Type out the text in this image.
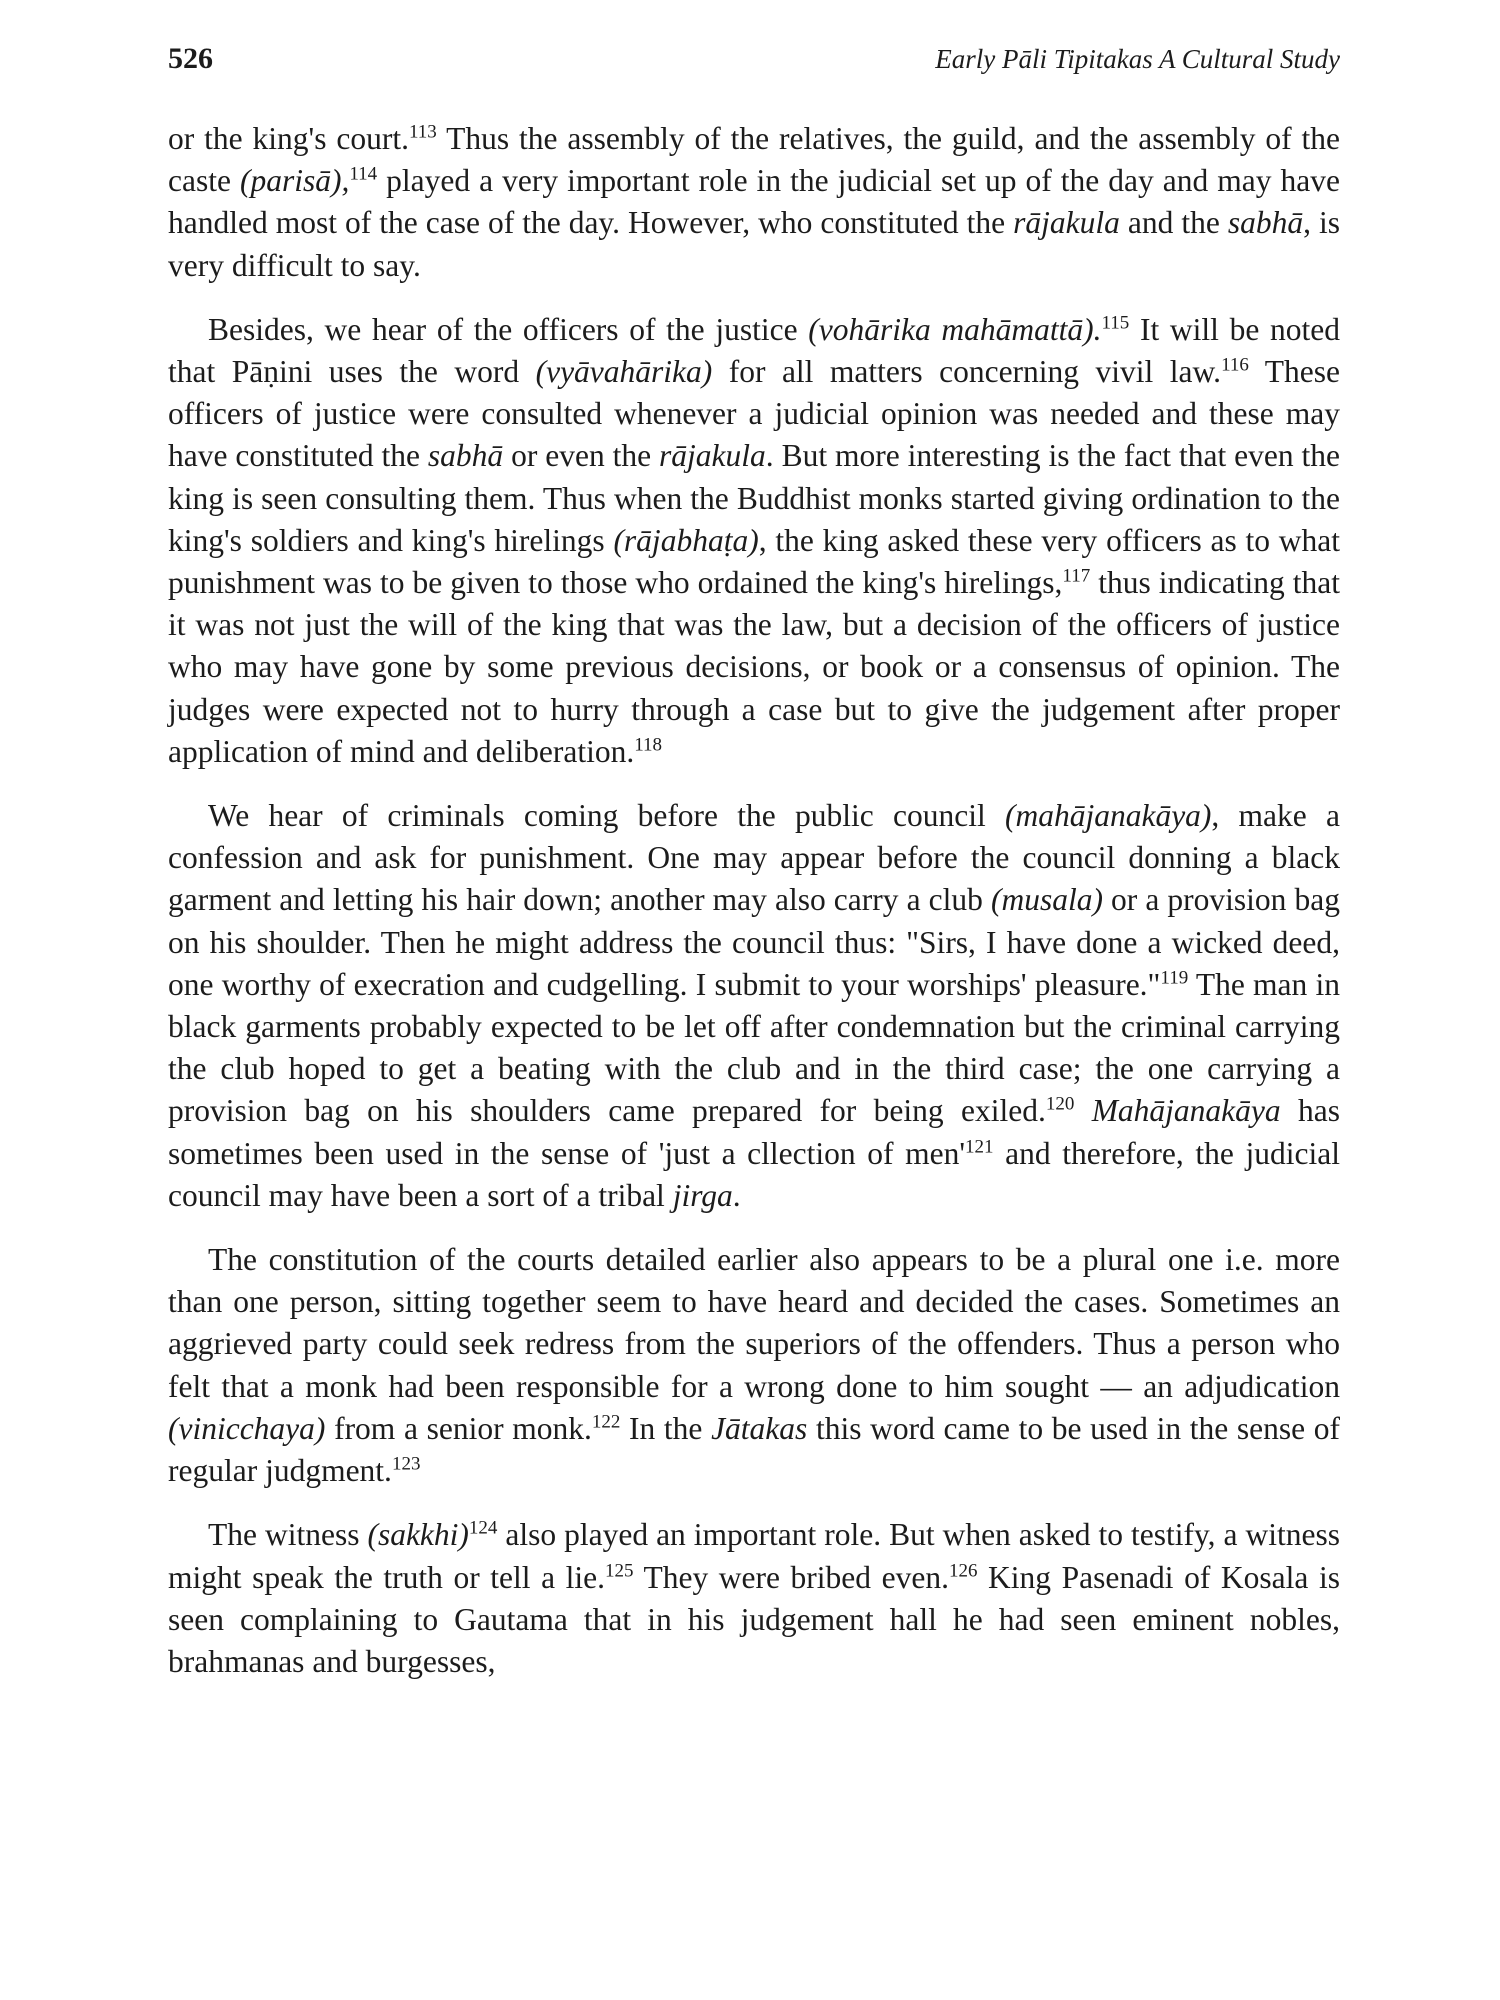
526	Early Pāli Tipitakas A Cultural Study

or the king's court.$^{113}$ Thus the assembly of the relatives, the guild, and the assembly of the caste (parisā),$^{114}$ played a very important role in the judicial set up of the day and may have handled most of the case of the day. However, who constituted the rājakula and the sabhā, is very difficult to say.

Besides, we hear of the officers of the justice (vohārika mahāmattā).$^{115}$ It will be noted that Pāṇini uses the word (vyāvahārika) for all matters concerning vivil law.$^{116}$ These officers of justice were consulted whenever a judicial opinion was needed and these may have constituted the sabhā or even the rājakula. But more interesting is the fact that even the king is seen consulting them. Thus when the Buddhist monks started giving ordination to the king's soldiers and king's hirelings (rājabhaṭa), the king asked these very officers as to what punishment was to be given to those who ordained the king's hirelings,$^{117}$ thus indicating that it was not just the will of the king that was the law, but a decision of the officers of justice who may have gone by some previous decisions, or book or a consensus of opinion. The judges were expected not to hurry through a case but to give the judgement after proper application of mind and deliberation.$^{118}$

We hear of criminals coming before the public council (mahājanakāya), make a confession and ask for punishment. One may appear before the council donning a black garment and letting his hair down; another may also carry a club (musala) or a provision bag on his shoulder. Then he might address the council thus: "Sirs, I have done a wicked deed, one worthy of execration and cudgelling. I submit to your worships' pleasure."$^{119}$ The man in black garments probably expected to be let off after condemnation but the criminal carrying the club hoped to get a beating with the club and in the third case; the one carrying a provision bag on his shoulders came prepared for being exiled.$^{120}$ Mahājanakāya has sometimes been used in the sense of 'just a cllection of $men'^{121}$ and therefore, the judicial council may have been a sort of a tribal jirga.

The constitution of the courts detailed earlier also appears to be a plural one i.e. more than one person, sitting together seem to have heard and decided the cases. Sometimes an aggrieved party could seek redress from the superiors of the offenders. Thus a person who felt that a monk had been responsible for a wrong done to him sought — an adjudication (vinicchaya) from a senior monk.$^{122}$ In the Jātakas this word came to be used in the sense of regular judgment.$^{123}$

The witness (sakkhi)$^{124}$ also played an important role. But when asked to testify, a witness might speak the truth or tell a lie.$^{125}$ They were bribed even.$^{126}$ King Pasenadi of Kosala is seen complaining to Gautama that in his judgement hall he had seen eminent nobles, brahmanas and burgesses,
